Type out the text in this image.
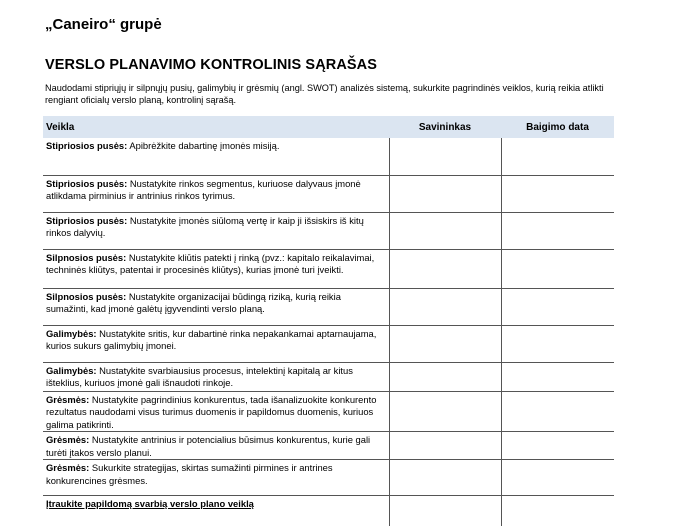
„Caneiro“ grupė
VERSLO PLANAVIMO KONTROLINIS SĄRAŠAS
Naudodami stipriųjų ir silpnųjų pusių, galimybių ir grėsmių (angl. SWOT) analizės sistemą, sukurkite pagrindinės veiklos, kurią reikia atlikti rengiant oficialų verslo planą, kontrolinį sąrašą.
Veikla	Savininkas	Baigimo data
Stipriosios pusės: Apibrėžkite dabartinę įmonės misiją.		
Stipriosios pusės: Nustatykite rinkos segmentus, kuriuose dalyvaus įmonė atlikdama pirminius ir antrinius rinkos tyrimus.		
Stipriosios pusės: Nustatykite įmonės siūlomą vertę ir kaip ji išsiskirs iš kitų rinkos dalyvių.		
Silpnosios pusės: Nustatykite kliūtis patekti į rinką (pvz.: kapitalo reikalavimai, techninės kliūtys, patentai ir procesinės kliūtys), kurias įmonė turi įveikti.		
Silpnosios pusės: Nustatykite organizacijai būdingą riziką, kurią reikia sumažinti, kad įmonė galėtų įgyvendinti verslo planą.		
Galimybės: Nustatykite sritis, kur dabartinė rinka nepakankamai aptarnaujama, kurios sukurs galimybių įmonei.		
Galimybės: Nustatykite svarbiausius procesus, intelektinį kapitalą ar kitus išteklius, kuriuos įmonė gali išnaudoti rinkoje.		
Grėsmės: Nustatykite pagrindinius konkurentus, tada išanalizuokite konkurento rezultatus naudodami visus turimus duomenis ir papildomus duomenis, kuriuos galima patikrinti.		
Grėsmės: Nustatykite antrinius ir potencialius būsimus konkurentus, kurie gali turėti įtakos verslo planui.		
Grėsmės: Sukurkite strategijas, skirtas sumažinti pirmines ir antrines konkurencines grėsmes.		
Įtraukite papildomą svarbią verslo plano veiklą		
